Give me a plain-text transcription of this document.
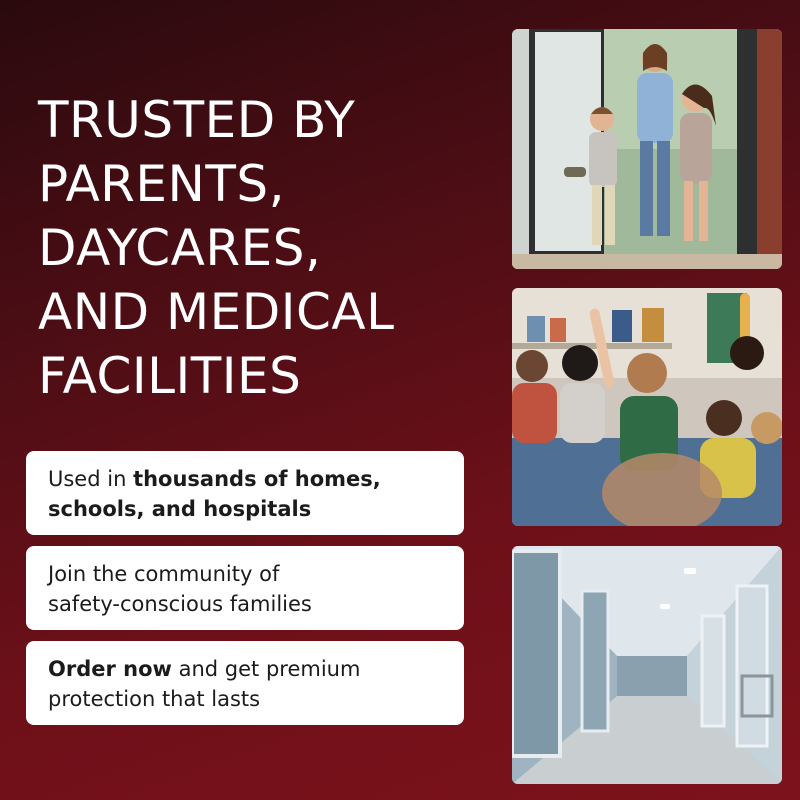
TRUSTED BY
PARENTS,
DAYCARES,
AND MEDICAL
FACILITIES
Used in thousands of homes,
schools, and hospitals
Join the community of
safety-conscious families
Order now and get premium
protection that lasts
